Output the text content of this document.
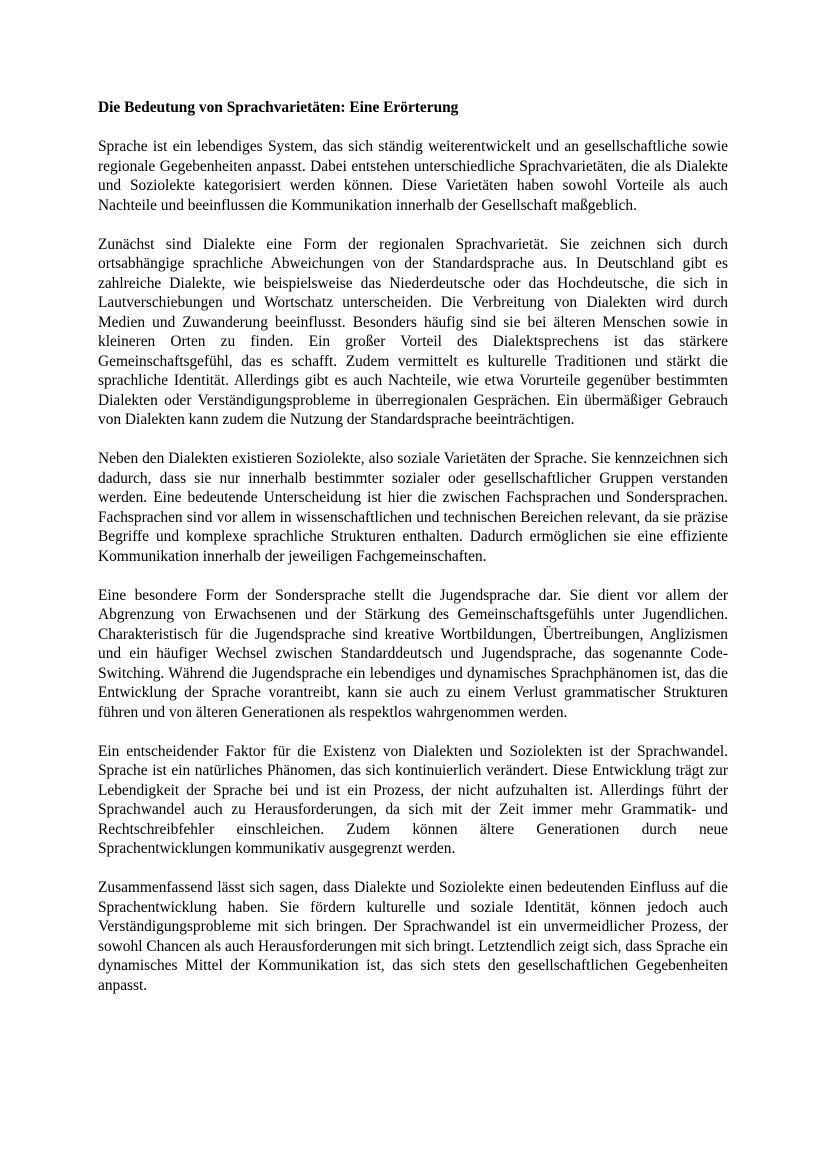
Die Bedeutung von Sprachvarietäten: Eine Erörterung

Sprache ist ein lebendiges System, das sich ständig weiterentwickelt und an gesellschaftliche sowie regionale Gegebenheiten anpasst. Dabei entstehen unterschiedliche Sprachvarietäten, die als Dialekte und Soziolekte kategorisiert werden können. Diese Varietäten haben sowohl Vorteile als auch Nachteile und beeinflussen die Kommunikation innerhalb der Gesellschaft maßgeblich.

Zunächst sind Dialekte eine Form der regionalen Sprachvarietät. Sie zeichnen sich durch ortsabhängige sprachliche Abweichungen von der Standardsprache aus. In Deutschland gibt es zahlreiche Dialekte, wie beispielsweise das Niederdeutsche oder das Hochdeutsche, die sich in Lautverschiebungen und Wortschatz unterscheiden. Die Verbreitung von Dialekten wird durch Medien und Zuwanderung beeinflusst. Besonders häufig sind sie bei älteren Menschen sowie in kleineren Orten zu finden. Ein großer Vorteil des Dialektsprechens ist das stärkere Gemeinschaftsgefühl, das es schafft. Zudem vermittelt es kulturelle Traditionen und stärkt die sprachliche Identität. Allerdings gibt es auch Nachteile, wie etwa Vorurteile gegenüber bestimmten Dialekten oder Verständigungsprobleme in überregionalen Gesprächen. Ein übermäßiger Gebrauch von Dialekten kann zudem die Nutzung der Standardsprache beeinträchtigen.

Neben den Dialekten existieren Soziolekte, also soziale Varietäten der Sprache. Sie kennzeichnen sich dadurch, dass sie nur innerhalb bestimmter sozialer oder gesellschaftlicher Gruppen verstanden werden. Eine bedeutende Unterscheidung ist hier die zwischen Fachsprachen und Sondersprachen. Fachsprachen sind vor allem in wissenschaftlichen und technischen Bereichen relevant, da sie präzise Begriffe und komplexe sprachliche Strukturen enthalten. Dadurch ermöglichen sie eine effiziente Kommunikation innerhalb der jeweiligen Fachgemeinschaften.

Eine besondere Form der Sondersprache stellt die Jugendsprache dar. Sie dient vor allem der Abgrenzung von Erwachsenen und der Stärkung des Gemeinschaftsgefühls unter Jugendlichen. Charakteristisch für die Jugendsprache sind kreative Wortbildungen, Übertreibungen, Anglizismen und ein häufiger Wechsel zwischen Standarddeutsch und Jugendsprache, das sogenannte Code-Switching. Während die Jugendsprache ein lebendiges und dynamisches Sprachphänomen ist, das die Entwicklung der Sprache vorantreibt, kann sie auch zu einem Verlust grammatischer Strukturen führen und von älteren Generationen als respektlos wahrgenommen werden.

Ein entscheidender Faktor für die Existenz von Dialekten und Soziolekten ist der Sprachwandel. Sprache ist ein natürliches Phänomen, das sich kontinuierlich verändert. Diese Entwicklung trägt zur Lebendigkeit der Sprache bei und ist ein Prozess, der nicht aufzuhalten ist. Allerdings führt der Sprachwandel auch zu Herausforderungen, da sich mit der Zeit immer mehr Grammatik- und Rechtschreibfehler einschleichen. Zudem können ältere Generationen durch neue Sprachentwicklungen kommunikativ ausgegrenzt werden.

Zusammenfassend lässt sich sagen, dass Dialekte und Soziolekte einen bedeutenden Einfluss auf die Sprachentwicklung haben. Sie fördern kulturelle und soziale Identität, können jedoch auch Verständigungsprobleme mit sich bringen. Der Sprachwandel ist ein unvermeidlicher Prozess, der sowohl Chancen als auch Herausforderungen mit sich bringt. Letztendlich zeigt sich, dass Sprache ein dynamisches Mittel der Kommunikation ist, das sich stets den gesellschaftlichen Gegebenheiten anpasst.
